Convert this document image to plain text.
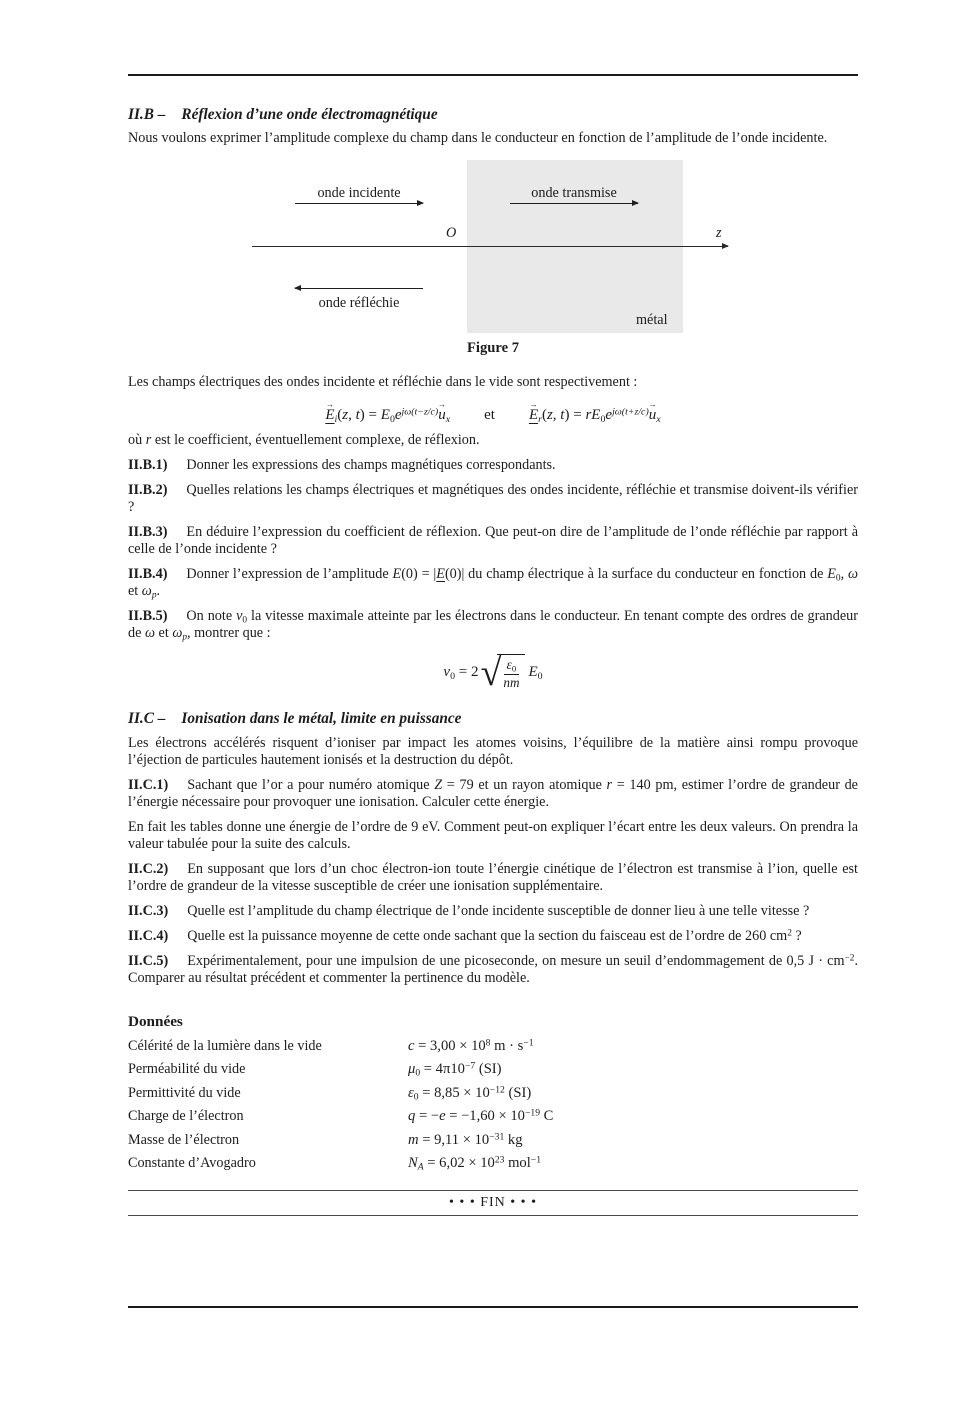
II.B – Réflexion d’une onde électromagnétique

Nous voulons exprimer l’amplitude complexe du champ dans le conducteur en fonction de l’amplitude de l’onde incidente.

onde incidente	onde transmise
onde réfléchie
O	z
métal
Figure 7

Les champs électriques des ondes incidente et réfléchie dans le vide sont respectivement :

→ $E_i(z$, $t) = E_0e^{j\omega(t-z/c)}\to u_x$ et → $E_r(z$, $t) = rE_0e^{j\omega(t+z/c)}\to u_x$

où r est le coefficient, éventuellement complexe, de réflexion.

II.B.1) Donner les expressions des champs magnétiques correspondants.

II.B.2) Quelles relations les champs électriques et magnétiques des ondes incidente, réfléchie et transmise doivent-ils vérifier ?

II.B.3) En déduire l’expression du coefficient de réflexion. Que peut-on dire de l’amplitude de l’onde réfléchie par rapport à celle de l’onde incidente ?

II.B.4) Donner l’expression de l’amplitude E(0) = |E(0)| du champ électrique à la surface du conducteur en fonction de $E_0$, ω et $\omega_p$.

II.B.5) On note $v_0$ la vitesse maximale atteinte par les électrons dans le conducteur. En tenant compte des ordres de grandeur de ω et $\omega_p$, montrer que :

$v_0 = 2$ √ $\frac{\varepsilon_0}{nm} E_0$
II.C – Ionisation dans le métal, limite en puissance

Les électrons accélérés risquent d’ioniser par impact les atomes voisins, l’équilibre de la matière ainsi rompu provoque l’éjection de particules hautement ionisés et la destruction du dépôt.

II.C.1) Sachant que l’or a pour numéro atomique Z = 79 et un rayon atomique r = 140 pm, estimer l’ordre de grandeur de l’énergie nécessaire pour provoquer une ionisation. Calculer cette énergie.

En fait les tables donne une énergie de l’ordre de 9 eV. Comment peut-on expliquer l’écart entre les deux valeurs. On prendra la valeur tabulée pour la suite des calculs.

II.C.2) En supposant que lors d’un choc électron-ion toute l’énergie cinétique de l’électron est transmise à l’ion, quelle est l’ordre de grandeur de la vitesse susceptible de créer une ionisation supplémentaire.

II.C.3) Quelle est l’amplitude du champ électrique de l’onde incidente susceptible de donner lieu à une telle vitesse ?

II.C.4) Quelle est la puissance moyenne de cette onde sachant que la section du faisceau est de l’ordre de 260 $cm^2$ ?

II.C.5) Expérimentalement, pour une impulsion de une picoseconde, on mesure un seuil d’endommagement de 0,5 $J \cdot cm^{-2}$. Comparer au résultat précédent et commenter la pertinence du modèle.

Données
Célérité de la lumière dans le vide	$c = 3,00 \times 10^8$ $m \cdot s^{-1}$
Perméabilité du vide	$\mu_0 = 4\pi 10^{-7}$ (SI)
Permittivité du vide	$\varepsilon_0 = 8,85 \times 10^{-12}$ (SI)
Charge de l’électron	$q = -e = -1,60 \times 10^{-19}$ C
Masse de l’électron	$m = 9,11 \times 10^{-31}$ kg
Constante d’Avogadro	$N_A = 6,02 \times 10^{23}$ mol$^{-1}$
• • • FIN • • •
